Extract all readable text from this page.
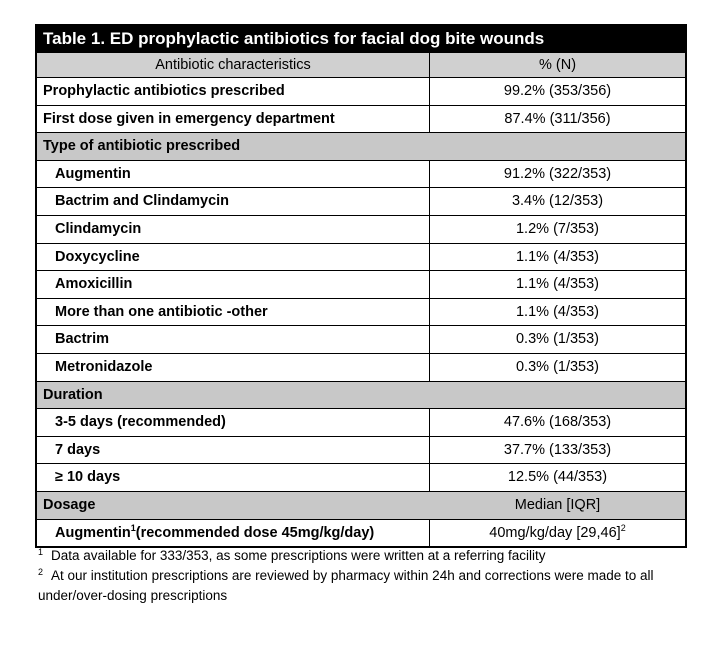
Table 1. ED prophylactic antibiotics for facial dog bite wounds
Antibiotic characteristics	% (N)
Prophylactic antibiotics prescribed	99.2% (353/356)
First dose given in emergency department	87.4% (311/356)
Type of antibiotic prescribed
Augmentin	91.2% (322/353)
Bactrim and Clindamycin	3.4% (12/353)
Clindamycin	1.2% (7/353)
Doxycycline	1.1% (4/353)
Amoxicillin	1.1% (4/353)
More than one antibiotic -other	1.1% (4/353)
Bactrim	0.3% (1/353)
Metronidazole	0.3% (1/353)
Duration
3-5 days (recommended)	47.6% (168/353)
7 days	37.7% (133/353)
≥ 10 days	12.5% (44/353)
Dosage	Median [IQR]
Augmentin$^1$(recommended dose 45mg/kg/day)	40mg/kg/day $[29,46]^2$
$^1$ Data available for 333/353, as some prescriptions were written at a referring facility
$^2$ At our institution prescriptions are reviewed by pharmacy within 24h and corrections were made to all under/over-dosing prescriptions
